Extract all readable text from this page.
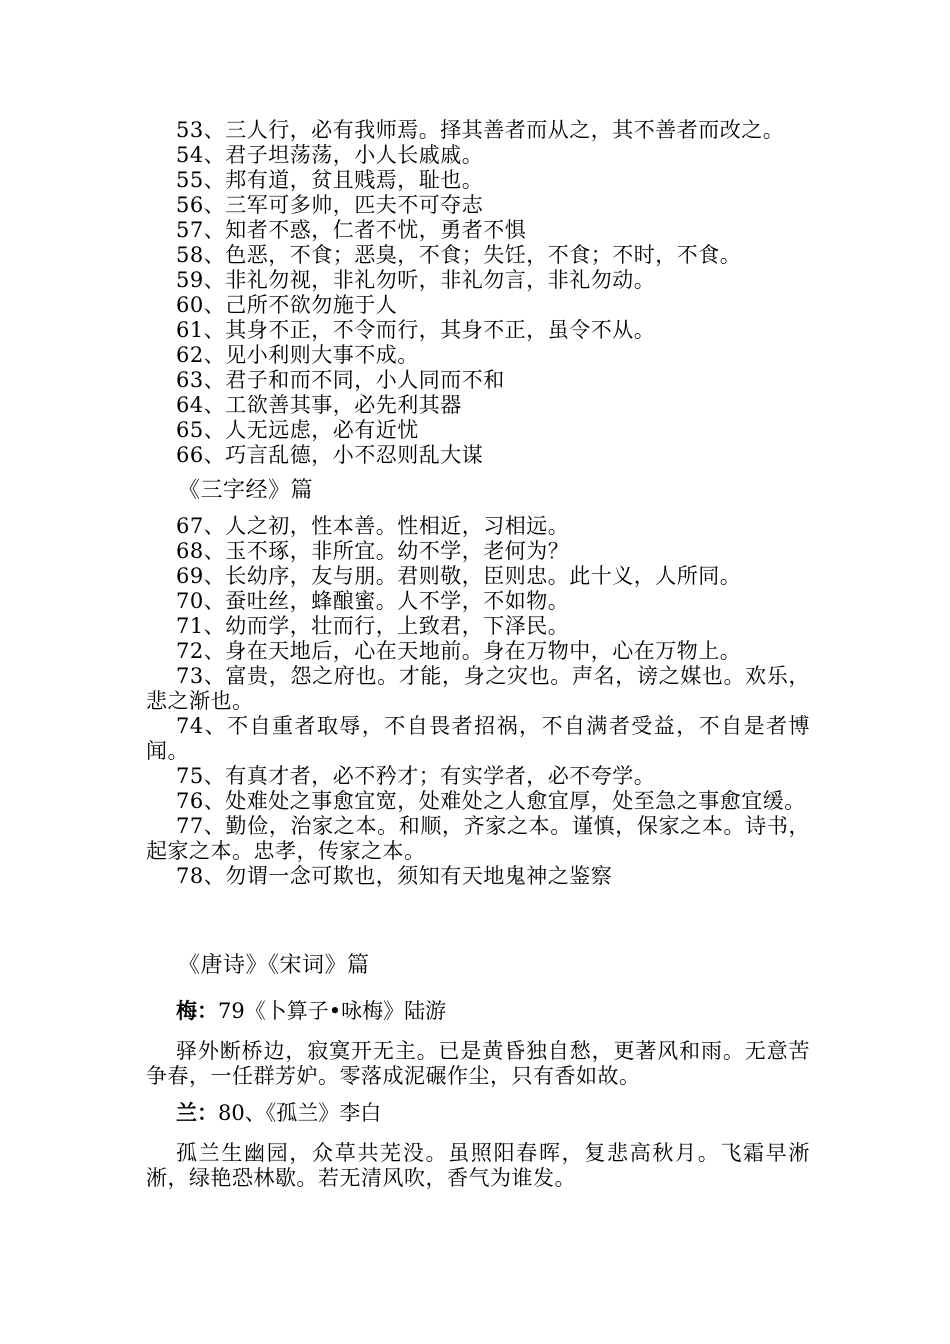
53、三人行，必有我师焉。择其善者而从之，其不善者而改之。
54、君子坦荡荡，小人长戚戚。
55、邦有道，贫且贱焉，耻也。
56、三军可多帅，匹夫不可夺志
57、知者不惑，仁者不忧，勇者不惧
58、色恶，不食；恶臭，不食；失饪，不食；不时，不食。
59、非礼勿视，非礼勿听，非礼勿言，非礼勿动。
60、己所不欲勿施于人
61、其身不正，不令而行，其身不正，虽令不从。
62、见小利则大事不成。
63、君子和而不同，小人同而不和
64、工欲善其事，必先利其器
65、人无远虑，必有近忧
66、巧言乱德，小不忍则乱大谋
《三字经》篇
67、人之初，性本善。性相近，习相远。
68、玉不琢，非所宜。幼不学，老何为？
69、长幼序，友与朋。君则敬，臣则忠。此十义，人所同。
70、蚕吐丝，蜂酿蜜。人不学，不如物。
71、幼而学，壮而行，上致君，下泽民。
72、身在天地后，心在天地前。身在万物中，心在万物上。
73、富贵，怨之府也。才能，身之灾也。声名，谤之媒也。欢乐，悲之渐也。
74、不自重者取辱，不自畏者招祸，不自满者受益，不自是者博闻。
75、有真才者，必不矜才；有实学者，必不夸学。
76、处难处之事愈宜宽，处难处之人愈宜厚，处至急之事愈宜缓。
77、勤俭，治家之本。和顺，齐家之本。谨慎，保家之本。诗书，起家之本。忠孝，传家之本。
78、勿谓一念可欺也，须知有天地鬼神之鉴察
《唐诗》《宋词》篇
梅：79《卜算子•咏梅》陆游
驿外断桥边，寂寞开无主。已是黄昏独自愁，更著风和雨。无意苦争春，一任群芳妒。零落成泥碾作尘，只有香如故。
兰：80、《孤兰》李白
孤兰生幽园，众草共芜没。虽照阳春晖，复悲高秋月。飞霜早淅淅，绿艳恐林歇。若无清风吹，香气为谁发。
